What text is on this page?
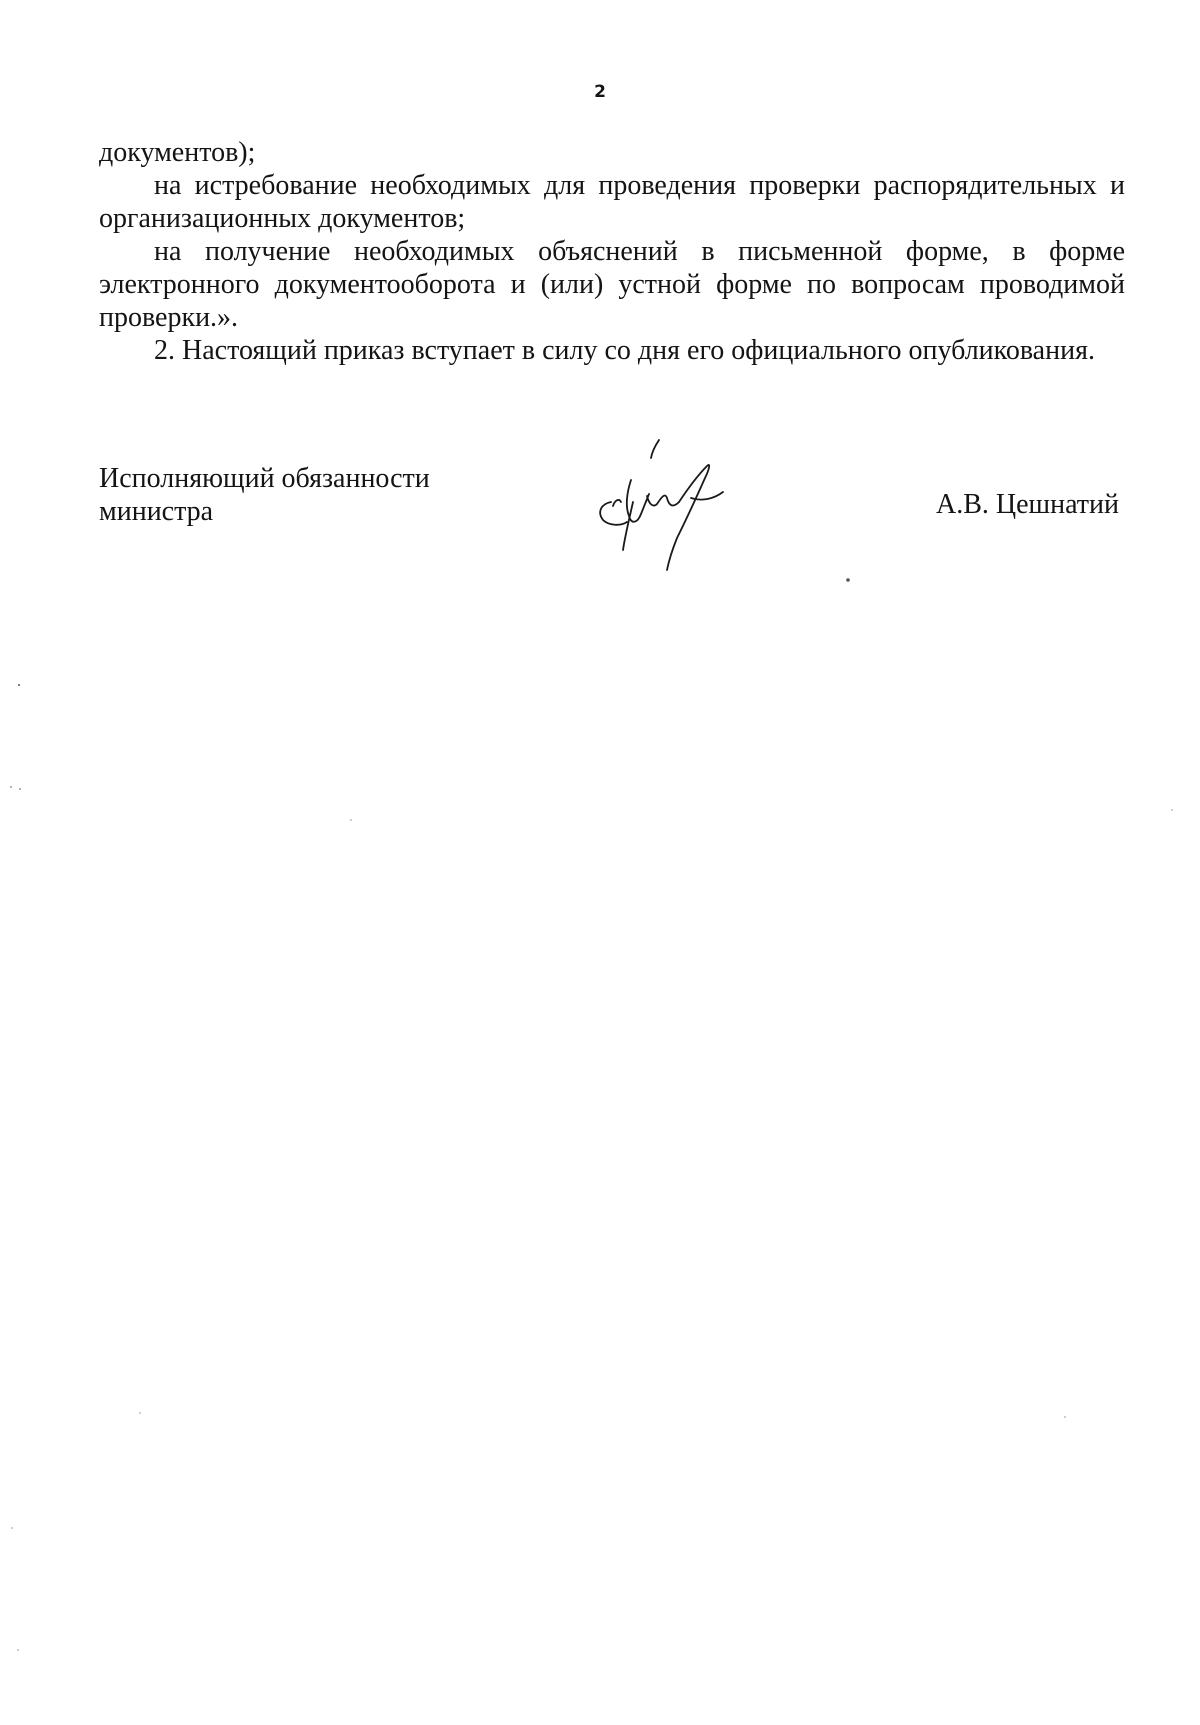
2

документов);

на истребование необходимых для проведения проверки распорядительных и организационных документов;

на получение необходимых объяснений в письменной форме, в форме электронного документооборота и (или) устной форме по вопросам проводимой проверки.».

2. Настоящий приказ вступает в силу со дня его официального опубликования.

Исполняющий обязанности
министра	А.В. Цешнатий
